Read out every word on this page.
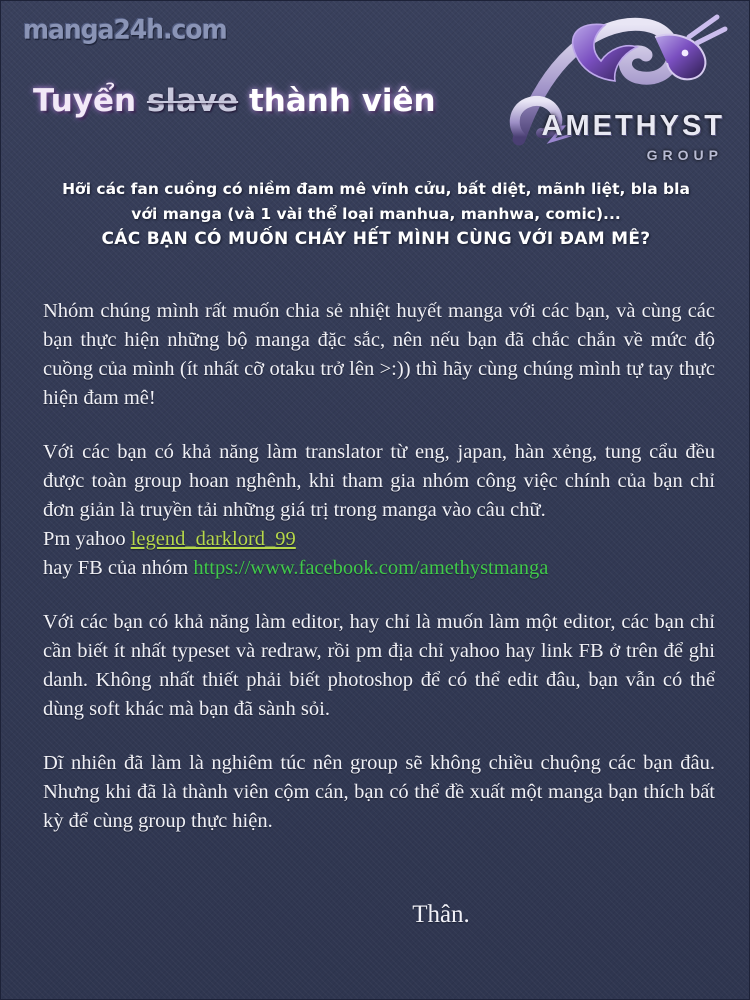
manga24h.com
AMETHYST
GROUP
Tuyển slave thành viên
Hỡi các fan cuồng có niềm đam mê vĩnh cửu, bất diệt, mãnh liệt, bla bla
với manga (và 1 vài thể loại manhua, manhwa, comic)...
CÁC BẠN CÓ MUỐN CHÁY HẾT MÌNH CÙNG VỚI ĐAM MÊ?

Nhóm chúng mình rất muốn chia sẻ nhiệt huyết manga với các bạn, và cùng các bạn thực hiện những bộ manga đặc sắc, nên nếu bạn đã chắc chắn về mức độ cuồng của mình (ít nhất cỡ otaku trở lên >:)) thì hãy cùng chúng mình tự tay thực hiện đam mê!

Với các bạn có khả năng làm translator từ eng, japan, hàn xẻng, tung cẩu đều được toàn group hoan nghênh, khi tham gia nhóm công việc chính của bạn chỉ đơn giản là truyền tải những giá trị trong manga vào câu chữ.

Pm yahoo legend_darklord_99

hay FB của nhóm https://www.facebook.com/amethystmanga

Với các bạn có khả năng làm editor, hay chỉ là muốn làm một editor, các bạn chỉ cần biết ít nhất typeset và redraw, rồi pm địa chỉ yahoo hay link FB ở trên để ghi danh. Không nhất thiết phải biết photoshop để có thể edit đâu, bạn vẫn có thể dùng soft khác mà bạn đã sành sỏi.

Dĩ nhiên đã làm là nghiêm túc nên group sẽ không chiều chuộng các bạn đâu. Nhưng khi đã là thành viên cộm cán, bạn có thể đề xuất một manga bạn thích bất kỳ để cùng group thực hiện.

Thân.
